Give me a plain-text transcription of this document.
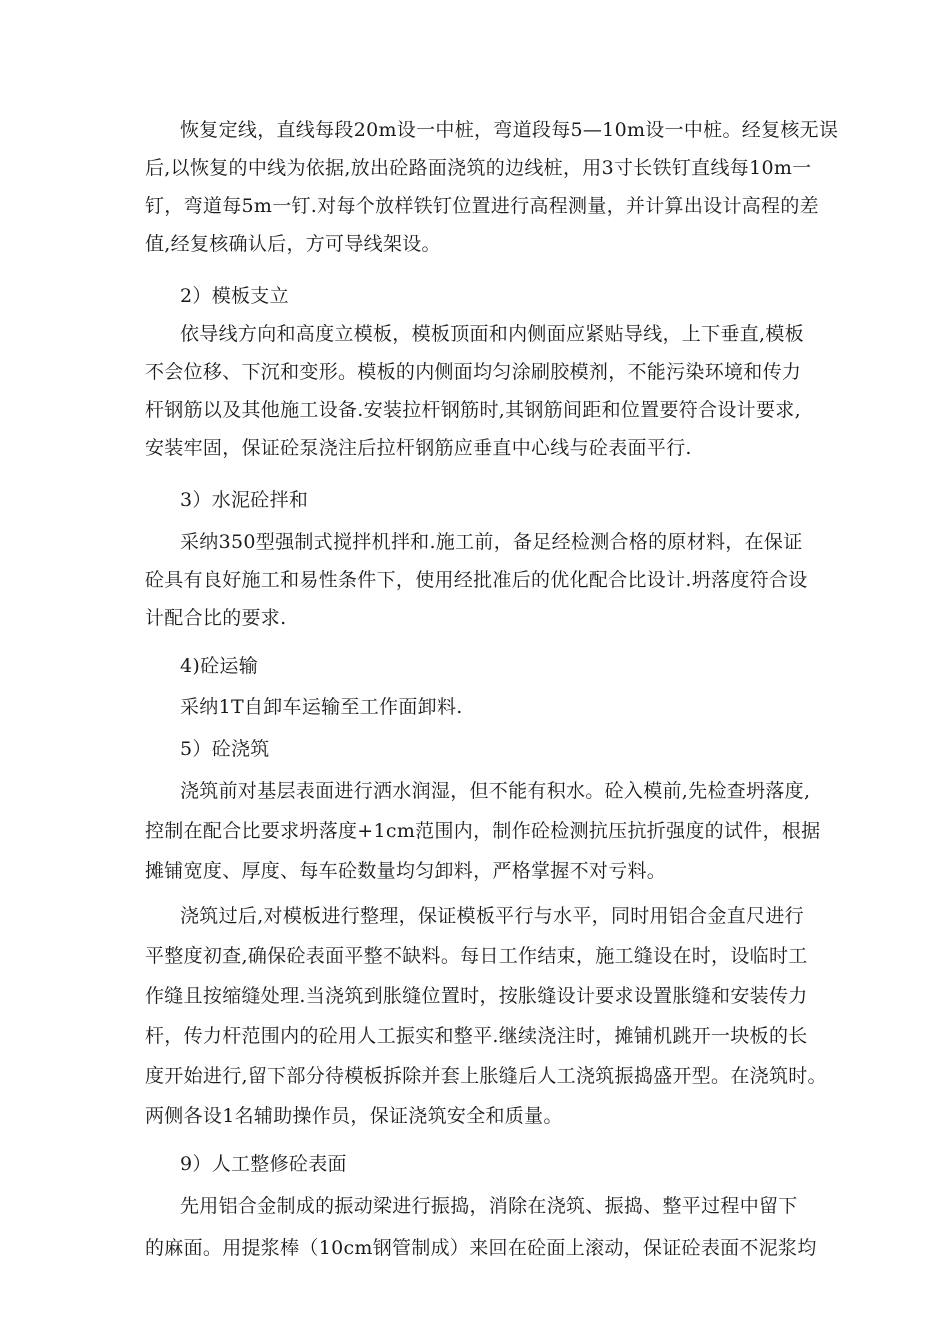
恢复定线，直线每段20m设一中桩，弯道段每5—10m设一中桩。经复核无误
后,以恢复的中线为依据,放出砼路面浇筑的边线桩，用3寸长铁钉直线每10m一
钉，弯道每5m一钉.对每个放样铁钉位置进行高程测量，并计算出设计高程的差
值,经复核确认后，方可导线架设。
2）模板支立
依导线方向和高度立模板，模板顶面和内侧面应紧贴导线，上下垂直,模板
不会位移、下沉和变形。模板的内侧面均匀涂刷胶模剂，不能污染环境和传力
杆钢筋以及其他施工设备.安装拉杆钢筋时,其钢筋间距和位置要符合设计要求,
安装牢固，保证砼泵浇注后拉杆钢筋应垂直中心线与砼表面平行.
3）水泥砼拌和
采纳350型强制式搅拌机拌和.施工前，备足经检测合格的原材料，在保证
砼具有良好施工和易性条件下，使用经批准后的优化配合比设计.坍落度符合设
计配合比的要求.
4)砼运输
采纳1T自卸车运输至工作面卸料.
5）砼浇筑
浇筑前对基层表面进行洒水润湿，但不能有积水。砼入模前,先检查坍落度,
控制在配合比要求坍落度+1cm范围内，制作砼检测抗压抗折强度的试件，根据
摊铺宽度、厚度、每车砼数量均匀卸料，严格掌握不对亏料。
浇筑过后,对模板进行整理，保证模板平行与水平，同时用铝合金直尺进行
平整度初查,确保砼表面平整不缺料。每日工作结束，施工缝设在时，设临时工
作缝且按缩缝处理.当浇筑到胀缝位置时，按胀缝设计要求设置胀缝和安装传力
杆，传力杆范围内的砼用人工振实和整平.继续浇注时，摊铺机跳开一块板的长
度开始进行,留下部分待模板拆除并套上胀缝后人工浇筑振捣盛开型。在浇筑时。
两侧各设1名辅助操作员，保证浇筑安全和质量。
9）人工整修砼表面
先用铝合金制成的振动梁进行振捣，消除在浇筑、振捣、整平过程中留下
的麻面。用提浆棒（10cm钢管制成）来回在砼面上滚动，保证砼表面不泥浆均
